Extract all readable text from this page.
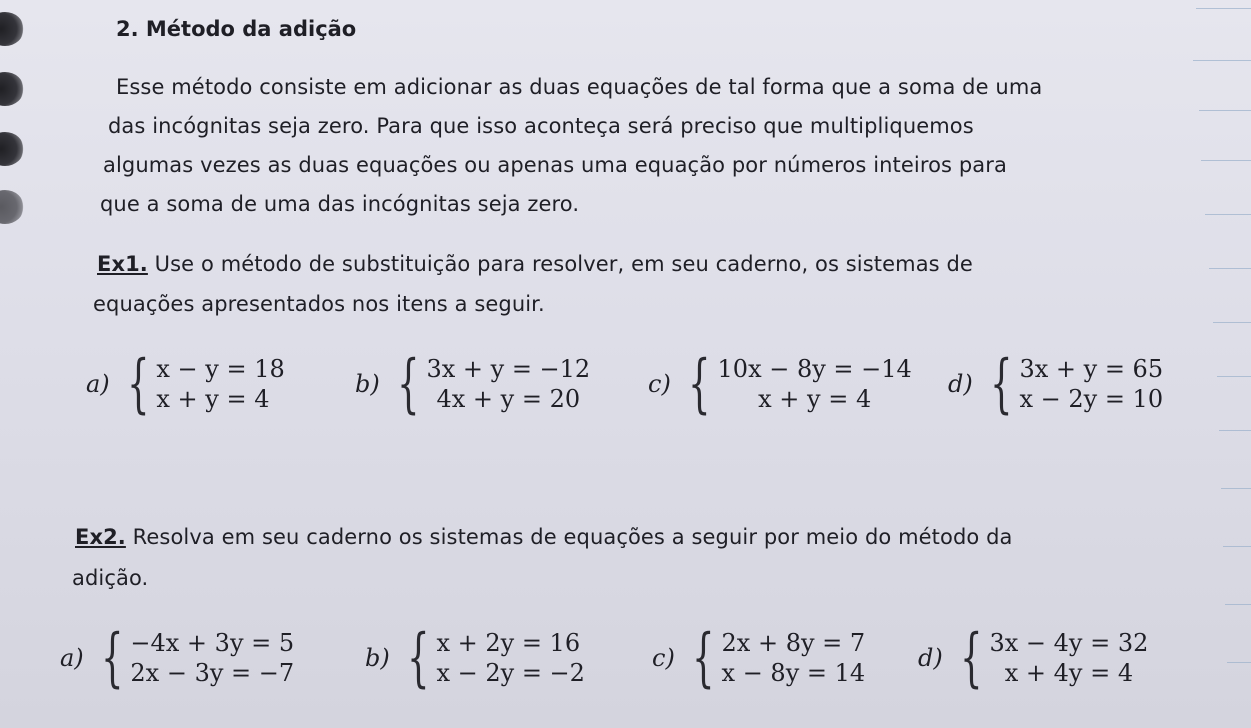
2. Método da adição
Esse método consiste em adicionar as duas equações de tal forma que a soma de uma
das incógnitas seja zero. Para que isso aconteça será preciso que multipliquemos
algumas vezes as duas equações ou apenas uma equação por números inteiros para
que a soma de uma das incógnitas seja zero.
Ex1. Use o método de substituição para resolver, em seu caderno, os sistemas de
equações apresentados nos itens a seguir.
a) { x − y = 18
x + y = 4
b) { 3x + y = −12
4x + y = 20
c) { 10x − 8y = −14
x + y = 4
d) { 3x + y = 65
x − 2y = 10
Ex2. Resolva em seu caderno os sistemas de equações a seguir por meio do método da
adição.
a) { −4x + 3y = 5
2x − 3y = −7
b) { x + 2y = 16
x − 2y = −2
c) { 2x + 8y = 7
x − 8y = 14
d) { 3x − 4y = 32
x + 4y = 4
